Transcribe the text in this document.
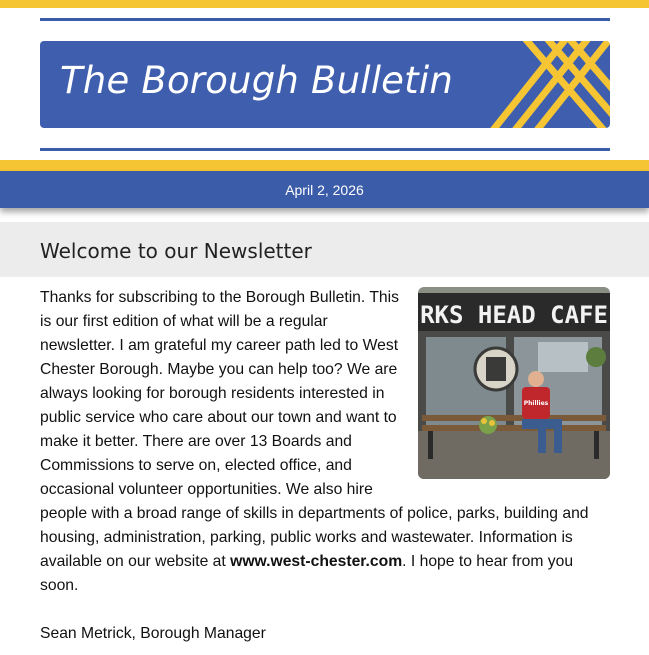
The Borough Bulletin
April 2, 2026
Welcome to our Newsletter
RKS HEAD CAFE
Phillies

Thanks for subscribing to the Borough Bulletin. This is our first edition of what will be a regular newsletter. I am grateful my career path led to West Chester Borough. Maybe you can help too? We are always looking for borough residents interested in public service who care about our town and want to make it better. There are over 13 Boards and Commissions to serve on, elected office, and occasional volunteer opportunities. We also hire people with a broad range of skills in departments of police, parks, building and housing, administration, parking, public works and wastewater. Information is available on our website at www.west-chester.com. I hope to hear from you soon.

Sean Metrick, Borough Manager
